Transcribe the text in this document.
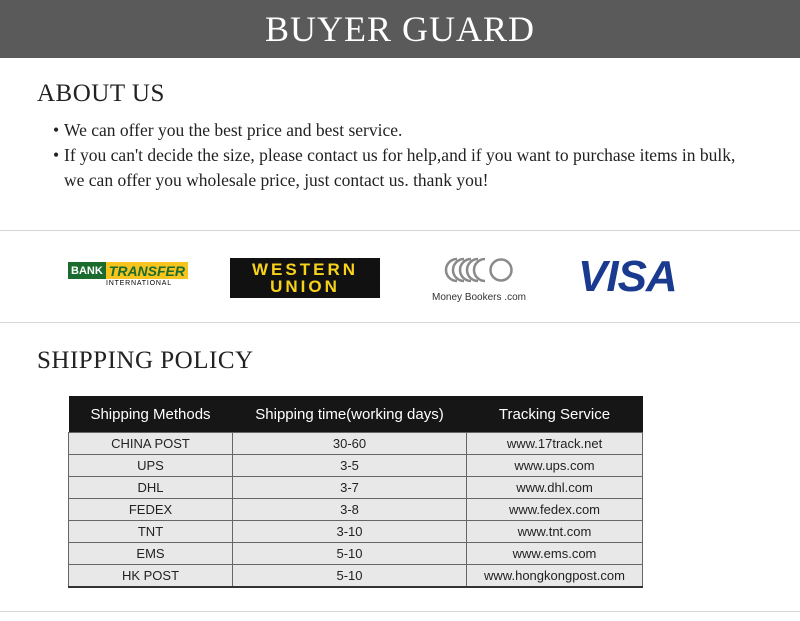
BUYER GUARD
ABOUT US
• We can offer you the best price and best service.
• If you can't decide the size, please contact us for help,and if you want to purchase items in bulk, we can offer you wholesale price, just contact us. thank you!
BANK TRANSFER
INTERNATIONAL
WESTERN
UNION
Money Bookers .com VISA
SHIPPING POLICY
Shipping Methods	Shipping time(working days)	Tracking Service
CHINA POST	30-60	www.17track.net
UPS	3-5	www.ups.com
DHL	3-7	www.dhl.com
FEDEX	3-8	www.fedex.com
TNT	3-10	www.tnt.com
EMS	5-10	www.ems.com
HK POST	5-10	www.hongkongpost.com
